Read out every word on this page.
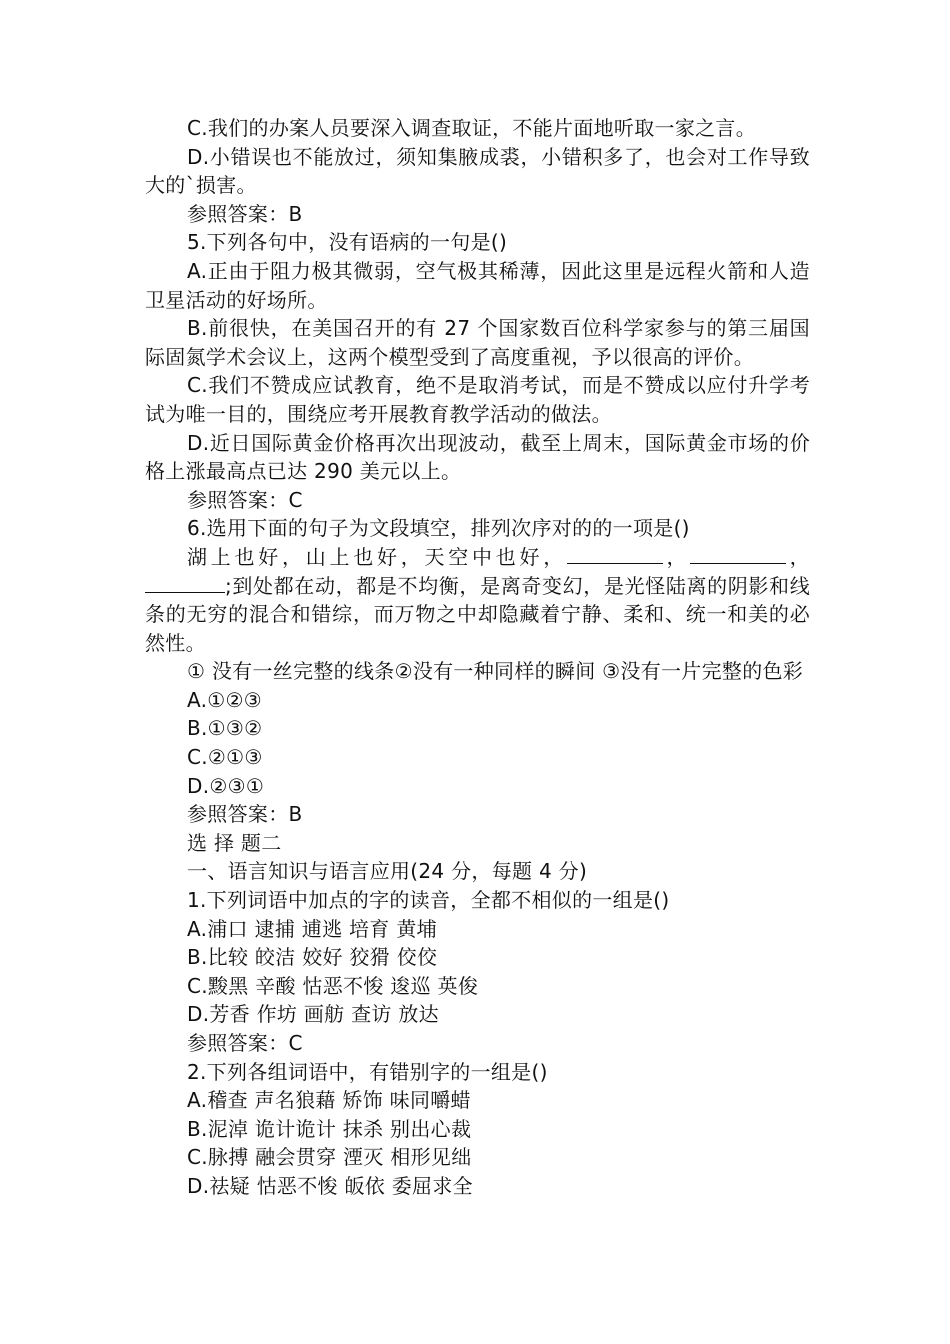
C.我们的办案人员要深入调查取证，不能片面地听取一家之言。

D.小错误也不能放过，须知集腋成裘，小错积多了，也会对工作导致大的`损害。

参照答案：B

5.下列各句中，没有语病的一句是()

A.正由于阻力极其微弱，空气极其稀薄，因此这里是远程火箭和人造卫星活动的好场所。

B.前很快，在美国召开的有 27 个国家数百位科学家参与的第三届国际固氮学术会议上，这两个模型受到了高度重视，予以很高的评价。

C.我们不赞成应试教育，绝不是取消考试，而是不赞成以应付升学考试为唯一目的，围绕应考开展教育教学活动的做法。

D.近日国际黄金价格再次出现波动，截至上周末，国际黄金市场的价格上涨最高点已达 290 美元以上。

参照答案：C

6.选用下面的句子为文段填空，排列次序对的的一项是()

湖上也好，山上也好，天空中也好，	，	，;到处都在动，都是不均衡，是离奇变幻，是光怪陆离的阴影和线条的无穷的混合和错综，而万物之中却隐藏着宁静、柔和、统一和美的必然性。

① 没有一丝完整的线条②没有一种同样的瞬间 ③没有一片完整的色彩

A.①②③

B.①③②

C.②①③

D.②③①

参照答案：B

选 择 题二

一、语言知识与语言应用(24 分，每题 4 分)

1.下列词语中加点的字的读音，全都不相似的一组是()

A.浦口 逮捕 逋逃 培育 黄埔

B.比较 皎洁 姣好 狡猾 佼佼

C.黢黑 辛酸 怙恶不悛 逡巡 英俊

D.芳香 作坊 画舫 查访 放达

参照答案：C

2.下列各组词语中，有错别字的一组是()

A.稽查 声名狼藉 矫饰 味同嚼蜡

B.泥淖 诡计诡计 抹杀 别出心裁

C.脉搏 融会贯穿 湮灭 相形见绌

D.祛疑 怙恶不悛 皈依 委屈求全
